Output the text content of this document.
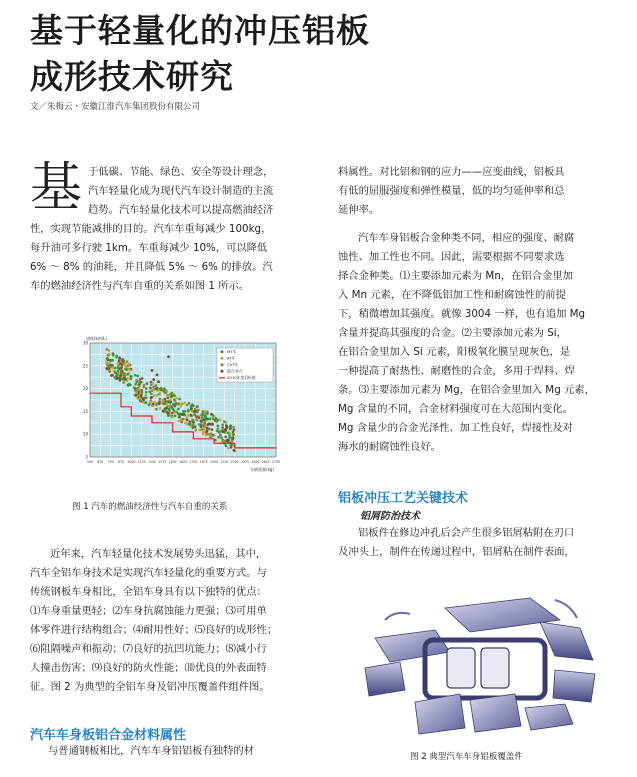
基于轻量化的冲压铝板
成形技术研究
文／朱梅云・安徽江淮汽车集团股份有限公司
基 于低碳、节能、绿色、安全等设计理念，
汽车轻量化成为现代汽车设计制造的主流
趋势。汽车轻量化技术可以提高燃油经济
性，实现节能减排的目的。汽车车重每减少 100kg，
每升油可多行驶 1km。车重每减少 10%，可以降低
6% ～ 8% 的油耗，并且降低 5% ～ 6% 的排放。汽
车的燃油经济性与汽车自重的关系如图 1 所示。
500 625 750 875 1000 1125 1250 1375 1500 1625 1750 1875 2000 2125 2250 2375 2500 2625 2750
5
10
15
20
25
30
油耗(km/L)
车辆重量(kg)
MT车
AT车
CVT车
混合动力
2010年度目标值
图 1 汽车的燃油经济性与汽车自重的关系
近年来，汽车轻量化技术发展势头迅猛，其中，
汽车全铝车身技术是实现汽车轻量化的重要方式。与
传统钢板车身相比，全铝车身具有以下独特的优点：
⑴车身重量更轻；⑵车身抗腐蚀能力更强；⑶可用单
体零件进行结构组合；⑷耐用性好；⑸良好的成形性；
⑹阻隔噪声和振动；⑺良好的抗凹坑能力；⑻减小行
人撞击伤害；⑼良好的防火性能；⑽优良的外表面特
征。图 2 为典型的全铝车身及铝冲压覆盖件组件图。
汽车车身板铝合金材料属性
与普通钢板相比，汽车车身铝铝板有独特的材
料属性。对比铝和钢的应力——应变曲线，铝板具
有低的屈服强度和弹性模量，低的均匀延伸率和总
延伸率。
汽车车身铝板合金种类不同，相应的强度、耐腐
蚀性、加工性也不同。因此，需要根据不同要求选
择合金种类。⑴主要添加元素为 Mn，在铝合金里加
入 Mn 元素，在不降低铝加工性和耐腐蚀性的前提
下，稍微增加其强度。就像 3004 一样，也有追加 Mg
含量并提高其强度的合金。⑵主要添加元素为 Si，
在铝合金里加入 Si 元素，阳极氧化膜呈现灰色，是
一种提高了耐热性、耐磨性的合金，多用于焊料、焊
条。⑶主要添加元素为 Mg，在铝合金里加入 Mg 元素，
Mg 含量的不同，合金材料强度可在大范围内变化。
Mg 含量少的合金光泽性、加工性良好，焊接性及对
海水的耐腐蚀性良好。
铝板冲压工艺关键技术
铝屑防治技术
铝板件在修边冲孔后会产生很多铝屑粘附在刃口
及冲头上，制件在传递过程中，铝屑粘在制件表面，
图 2 典型汽车车身铝板覆盖件
